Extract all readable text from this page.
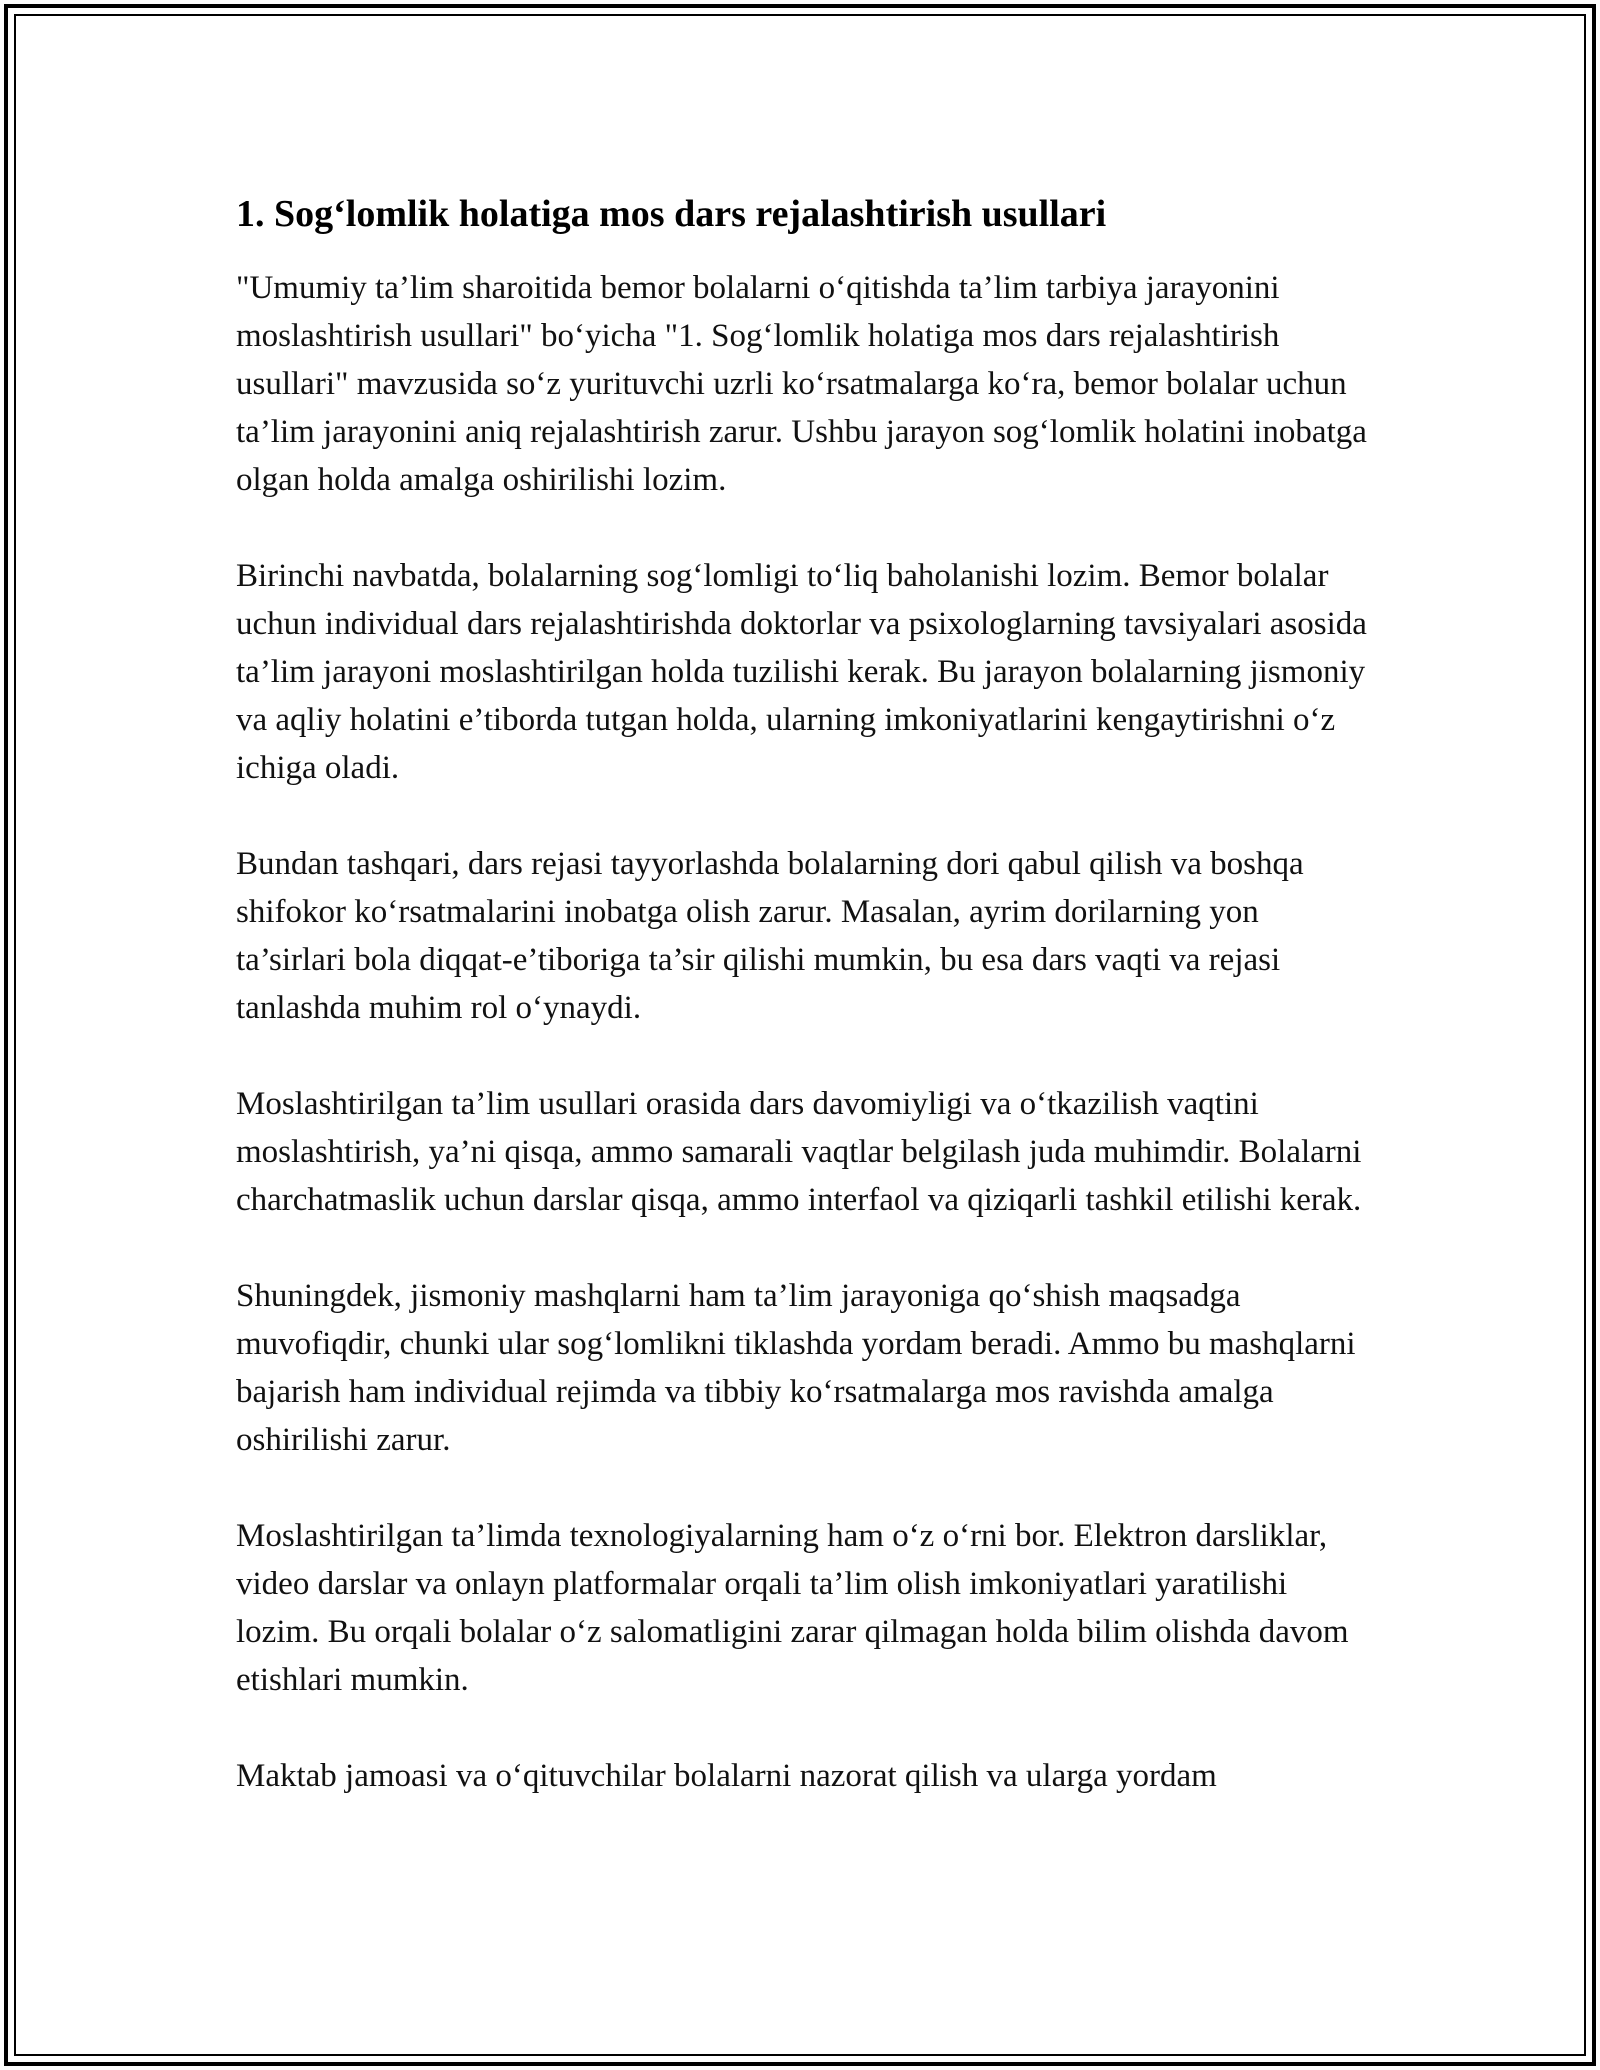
1. Sog‘lomlik holatiga mos dars rejalashtirish usullari

"Umumiy ta’lim sharoitida bemor bolalarni o‘qitishda ta’lim tarbiya jarayonini moslashtirish usullari" bo‘yicha "1. Sog‘lomlik holatiga mos dars rejalashtirish usullari" mavzusida so‘z yurituvchi uzrli ko‘rsatmalarga ko‘ra, bemor bolalar uchun ta’lim jarayonini aniq rejalashtirish zarur. Ushbu jarayon sog‘lomlik holatini inobatga olgan holda amalga oshirilishi lozim.

Birinchi navbatda, bolalarning sog‘lomligi to‘liq baholanishi lozim. Bemor bolalar uchun individual dars rejalashtirishda doktorlar va psixologlarning tavsiyalari asosida ta’lim jarayoni moslashtirilgan holda tuzilishi kerak. Bu jarayon bolalarning jismoniy va aqliy holatini e’tiborda tutgan holda, ularning imkoniyatlarini kengaytirishni o‘z ichiga oladi.

Bundan tashqari, dars rejasi tayyorlashda bolalarning dori qabul qilish va boshqa shifokor ko‘rsatmalarini inobatga olish zarur. Masalan, ayrim dorilarning yon ta’sirlari bola diqqat-e’tiboriga ta’sir qilishi mumkin, bu esa dars vaqti va rejasi tanlashda muhim rol o‘ynaydi.

Moslashtirilgan ta’lim usullari orasida dars davomiyligi va o‘tkazilish vaqtini moslashtirish, ya’ni qisqa, ammo samarali vaqtlar belgilash juda muhimdir. Bolalarni charchatmaslik uchun darslar qisqa, ammo interfaol va qiziqarli tashkil etilishi kerak.

Shuningdek, jismoniy mashqlarni ham ta’lim jarayoniga qo‘shish maqsadga muvofiqdir, chunki ular sog‘lomlikni tiklashda yordam beradi. Ammo bu mashqlarni bajarish ham individual rejimda va tibbiy ko‘rsatmalarga mos ravishda amalga oshirilishi zarur.

Moslashtirilgan ta’limda texnologiyalarning ham o‘z o‘rni bor. Elektron darsliklar, video darslar va onlayn platformalar orqali ta’lim olish imkoniyatlari yaratilishi lozim. Bu orqali bolalar o‘z salomatligini zarar qilmagan holda bilim olishda davom etishlari mumkin.

Maktab jamoasi va o‘qituvchilar bolalarni nazorat qilish va ularga yordam
